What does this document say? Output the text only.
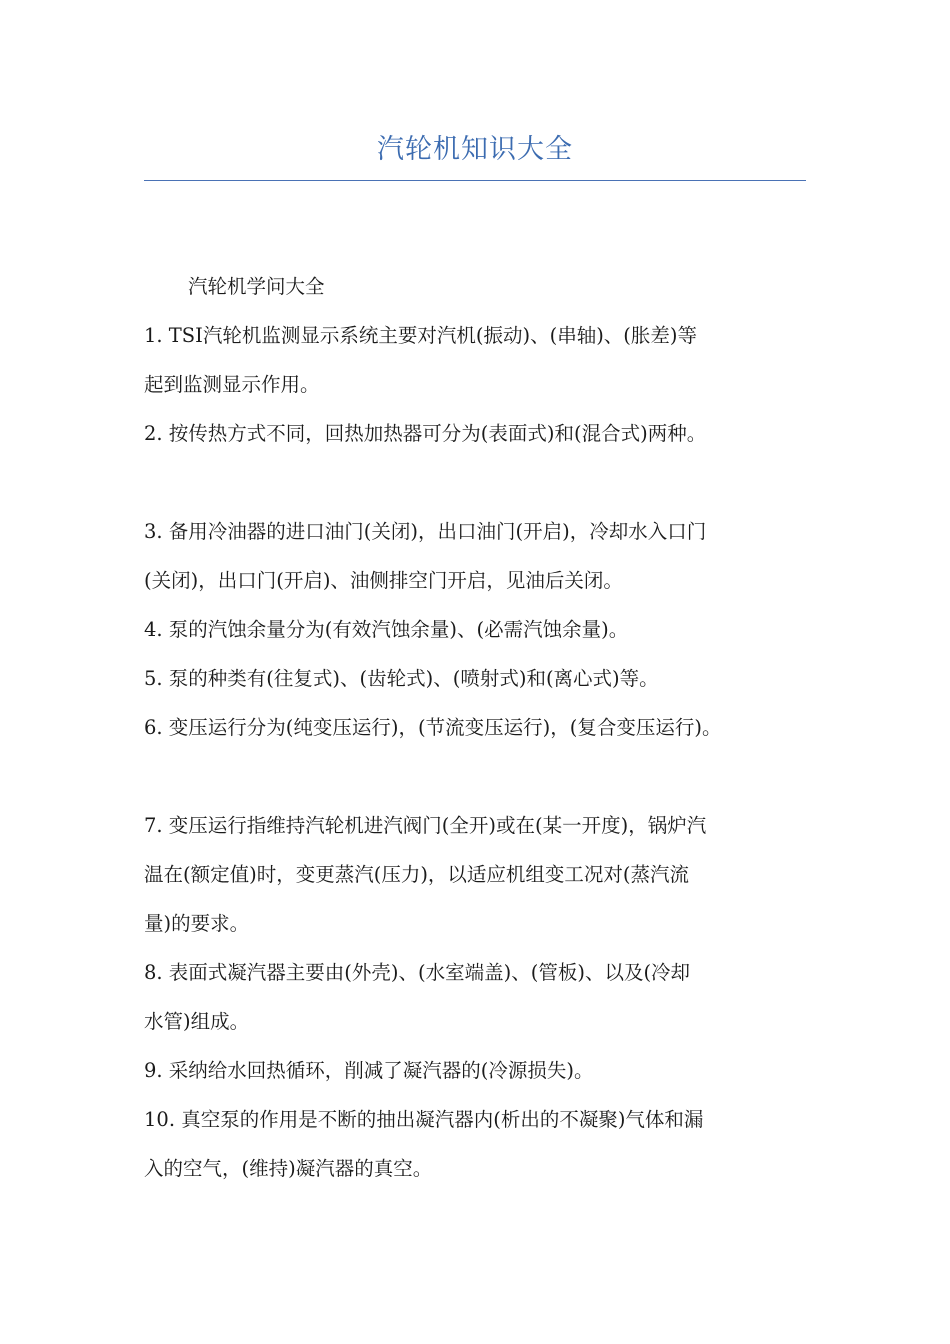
汽轮机知识大全
汽轮机学问大全
1. TSI汽轮机监测显示系统主要对汽机(振动)、(串轴)、(胀差)等
起到监测显示作用。
2. 按传热方式不同，回热加热器可分为(表面式)和(混合式)两种。
3. 备用冷油器的进口油门(关闭)，出口油门(开启)，冷却水入口门
(关闭)，出口门(开启)、油侧排空门开启，见油后关闭。
4. 泵的汽蚀余量分为(有效汽蚀余量)、(必需汽蚀余量)。
5. 泵的种类有(往复式)、(齿轮式)、(喷射式)和(离心式)等。
6. 变压运行分为(纯变压运行)，(节流变压运行)，(复合变压运行)。
7. 变压运行指维持汽轮机进汽阀门(全开)或在(某一开度)，锅炉汽
温在(额定值)时，变更蒸汽(压力)，以适应机组变工况对(蒸汽流
量)的要求。
8. 表面式凝汽器主要由(外壳)、(水室端盖)、(管板)、以及(冷却
水管)组成。
9. 采纳给水回热循环，削减了凝汽器的(冷源损失)。
10. 真空泵的作用是不断的抽出凝汽器内(析出的不凝聚)气体和漏
入的空气，(维持)凝汽器的真空。
